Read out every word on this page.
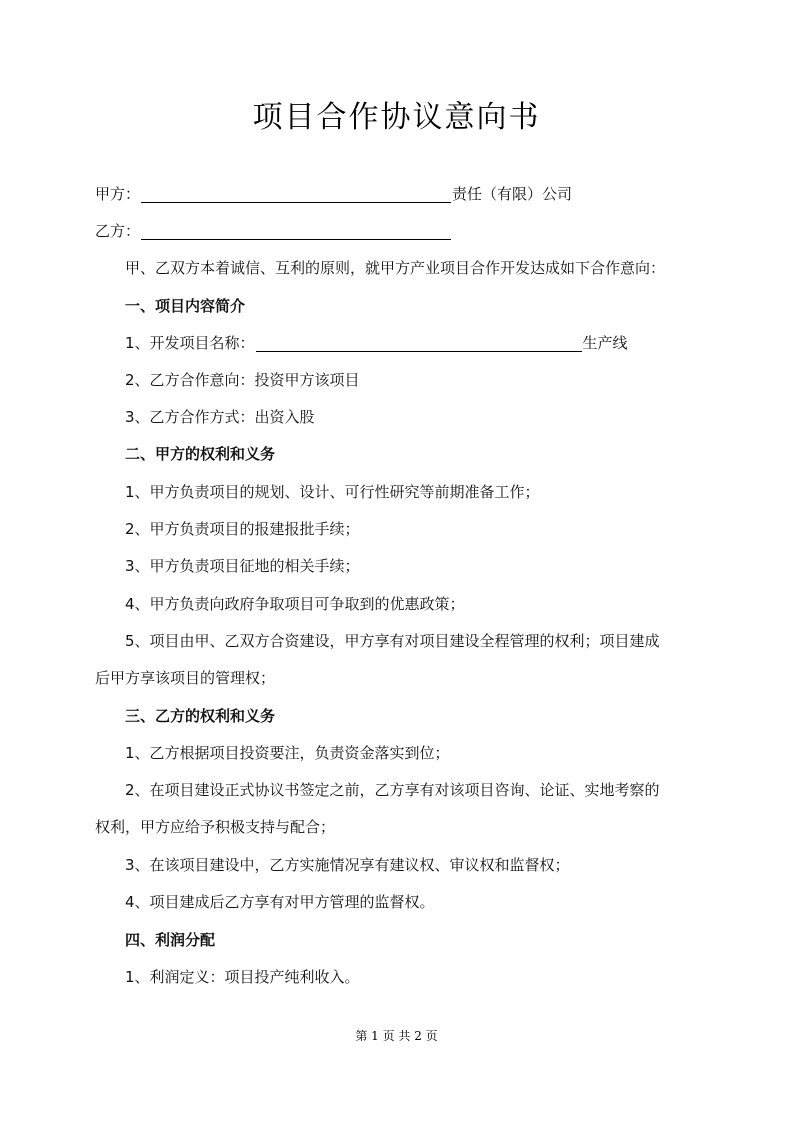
项目合作协议意向书
甲方：	责任（有限）公司
乙方：
甲、乙双方本着诚信、互利的原则，就甲方产业项目合作开发达成如下合作意向：
一、项目内容简介
1、开发项目名称：	生产线
2、乙方合作意向：投资甲方该项目
3、乙方合作方式：出资入股
二、甲方的权利和义务
1、甲方负责项目的规划、设计、可行性研究等前期准备工作；
2、甲方负责项目的报建报批手续；
3、甲方负责项目征地的相关手续；
4、甲方负责向政府争取项目可争取到的优惠政策；
5、项目由甲、乙双方合资建设，甲方享有对项目建设全程管理的权利；项目建成
后甲方享该项目的管理权；
三、乙方的权利和义务
1、乙方根据项目投资要注，负责资金落实到位；
2、在项目建设正式协议书签定之前，乙方享有对该项目咨询、论证、实地考察的
权利，甲方应给予积极支持与配合；
3、在该项目建设中，乙方实施情况享有建议权、审议权和监督权；
4、项目建成后乙方享有对甲方管理的监督权。
四、利润分配
1、利润定义：项目投产纯利收入。
第 1 页 共 2 页
